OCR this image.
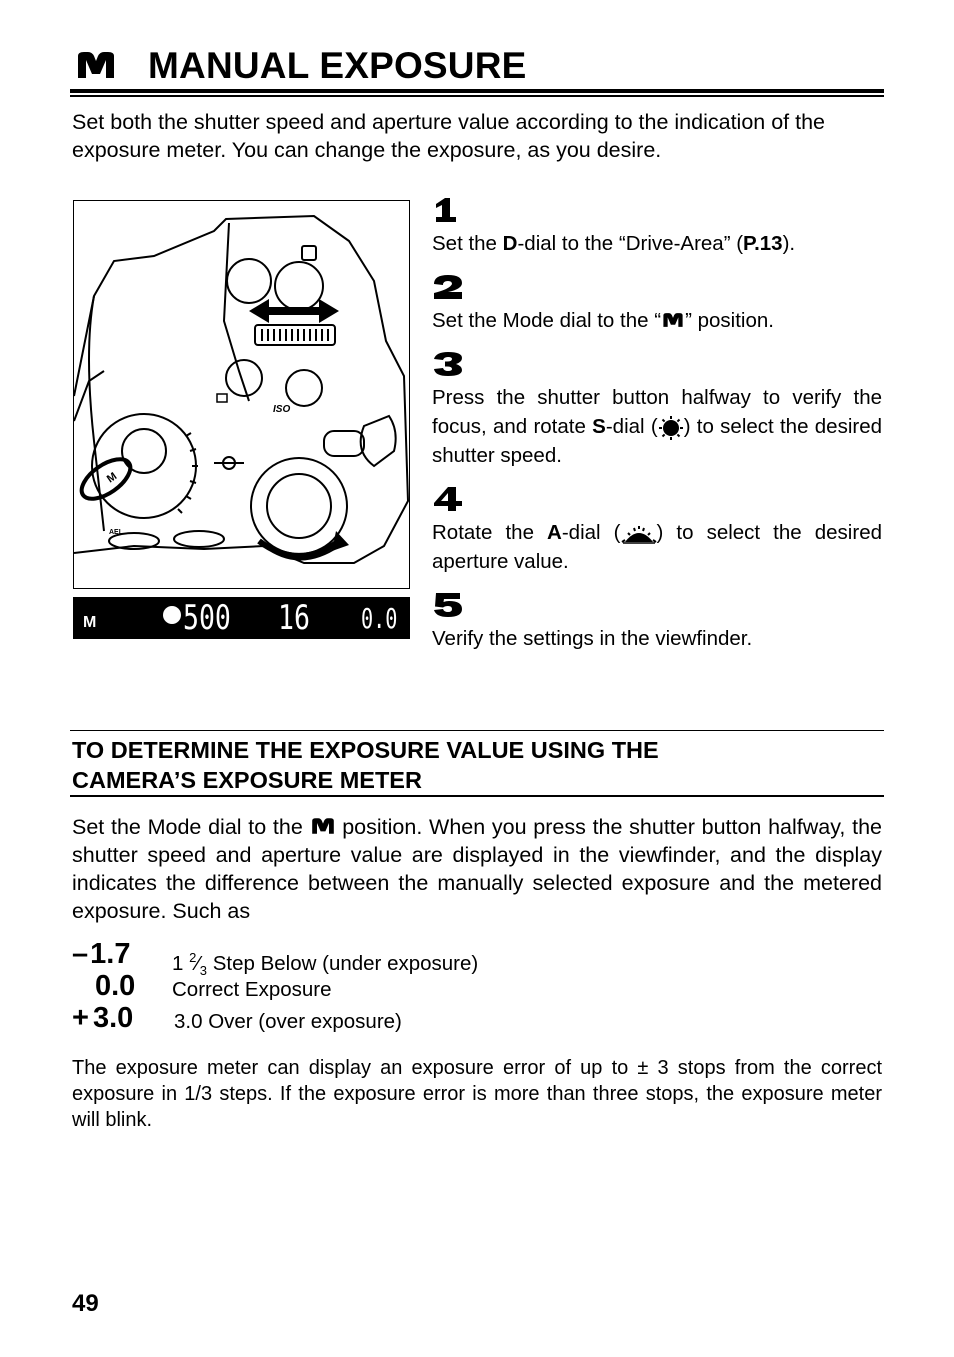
MANUAL EXPOSURE
Set both the shutter speed and aperture value according to the indication of the exposure meter. You can change the exposure, as you desire.
M
ISO
AEL
M	500 16 0.0
Set the D-dial to the “Drive-Area” (P.13).
Set the Mode dial to the “ ” position.
Press the shutter button halfway to verify the focus, and rotate S-dial ( ) to select the desired shutter speed.
Rotate the A-dial ( ) to select the desired aperture value.
Verify the settings in the viewfinder.
TO DETERMINE THE EXPOSURE VALUE USING THE
CAMERA’S EXPOSURE METER
Set the Mode dial to the  position. When you press the shutter button halfway, the shutter speed and aperture value are displayed in the viewfinder, and the display indicates the difference between the manually selected exposure and the metered exposure. Such as
–1.7 1 $^2⁄_3$ Step Below (under exposure)
0.0 Correct Exposure
+ 3.0 3.0 Over (over exposure)
The exposure meter can display an exposure error of up to ± 3 stops from the correct exposure in 1/3 steps. If the exposure error is more than three stops, the exposure meter will blink.
49
